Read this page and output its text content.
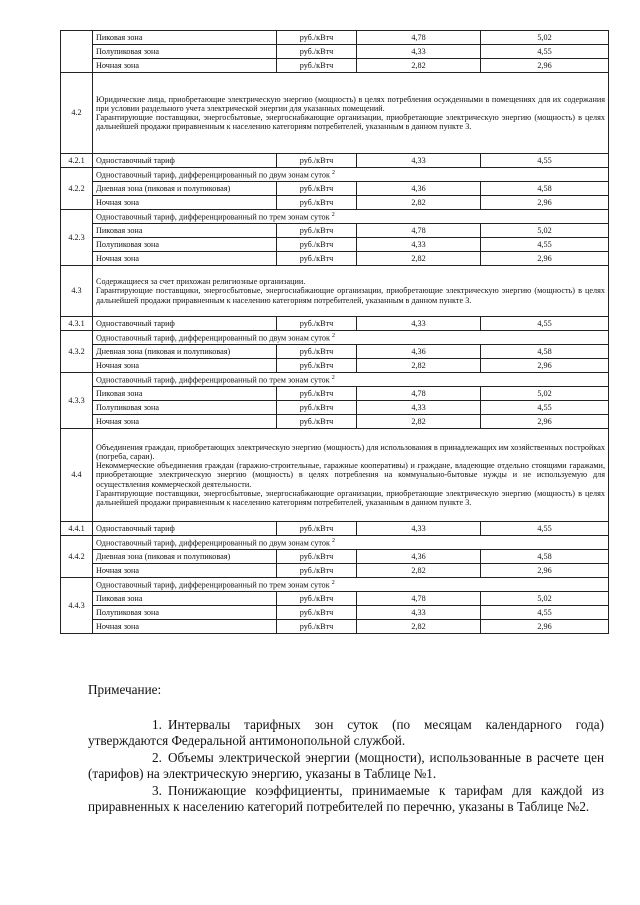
	Пиковая зона	руб./кВтч	4,78	5,02
	Полупиковая зона	руб./кВтч	4,33	4,55
	Ночная зона	руб./кВтч	2,82	2,96
4.2	Юридические лица, приобретающие электрическую энергию (мощность) в целях потребления осужденными в помещениях для их содержания при условии раздельного учета электрической энергии для указанных помещений.
Гарантирующие поставщики, энергосбытовые, энергоснабжающие организации, приобретающие электрическую энергию (мощность) в целях дальнейшей продажи приравненным к населению категориям потребителей, указанным в данном пункте 3.			

4.2.1	Одноставочный тариф	руб./кВтч	4,33	4,55
4.2.2	Одноставочный тариф, дифференцированный по двум зонам суток $^2$
	Дневная зона (пиковая и полупиковая)	руб./кВтч	4,36	4,58
	Ночная зона	руб./кВтч	2,82	2,96
4.2.3	Одноставочный тариф, дифференцированный по трем зонам суток $^2$
	Пиковая зона	руб./кВтч	4,78	5,02
	Полупиковая зона	руб./кВтч	4,33	4,55
	Ночная зона	руб./кВтч	2,82	2,96
4.3	Содержащиеся за счет прихожан религиозные организации.
Гарантирующие поставщики, энергосбытовые, энергоснабжающие организации, приобретающие электрическую энергию (мощность) в целях дальнейшей продажи приравненным к населению категориям потребителей, указанным в данном пункте 3.			

4.3.1	Одноставочный тариф	руб./кВтч	4,33	4,55
4.3.2	Одноставочный тариф, дифференцированный по двум зонам суток $^2$
	Дневная зона (пиковая и полупиковая)	руб./кВтч	4,36	4,58
	Ночная зона	руб./кВтч	2,82	2,96
4.3.3	Одноставочный тариф, дифференцированный по трем зонам суток $^2$
	Пиковая зона	руб./кВтч	4,78	5,02
	Полупиковая зона	руб./кВтч	4,33	4,55
	Ночная зона	руб./кВтч	2,82	2,96
4.4	Объединения граждан, приобретающих электрическую энергию (мощность) для использования в принадлежащих им хозяйственных постройках (погреба, сараи).
Некоммерческие объединения граждан (гаражно-строительные, гаражные кооперативы) и граждане, владеющие отдельно стоящими гаражами, приобретающие электрическую энергию (мощность) в целях потребления на коммунально-бытовые нужды и не используемую для осуществления коммерческой деятельности.
Гарантирующие поставщики, энергосбытовые, энергоснабжающие организации, приобретающие электрическую энергию (мощность) в целях дальнейшей продажи приравненным к населению категориям потребителей, указанным в данном пункте 3.			

4.4.1	Одноставочный тариф	руб./кВтч	4,33	4,55
4.4.2	Одноставочный тариф, дифференцированный по двум зонам суток $^2$
	Дневная зона (пиковая и полупиковая)	руб./кВтч	4,36	4,58
	Ночная зона	руб./кВтч	2,82	2,96
4.4.3	Одноставочный тариф, дифференцированный по трем зонам суток $^2$
	Пиковая зона	руб./кВтч	4,78	5,02
	Полупиковая зона	руб./кВтч	4,33	4,55
	Ночная зона	руб./кВтч	2,82	2,96

Примечание:

1. Интервалы тарифных зон суток (по месяцам календарного года) утверждаются Федеральной антимонопольной службой.

2. Объемы электрической энергии (мощности), использованные в расчете цен (тарифов) на электрическую энергию, указаны в Таблице №1.

3. Понижающие коэффициенты, принимаемые к тарифам для каждой из приравненных к населению категорий потребителей по перечню, указаны в Таблице №2.
